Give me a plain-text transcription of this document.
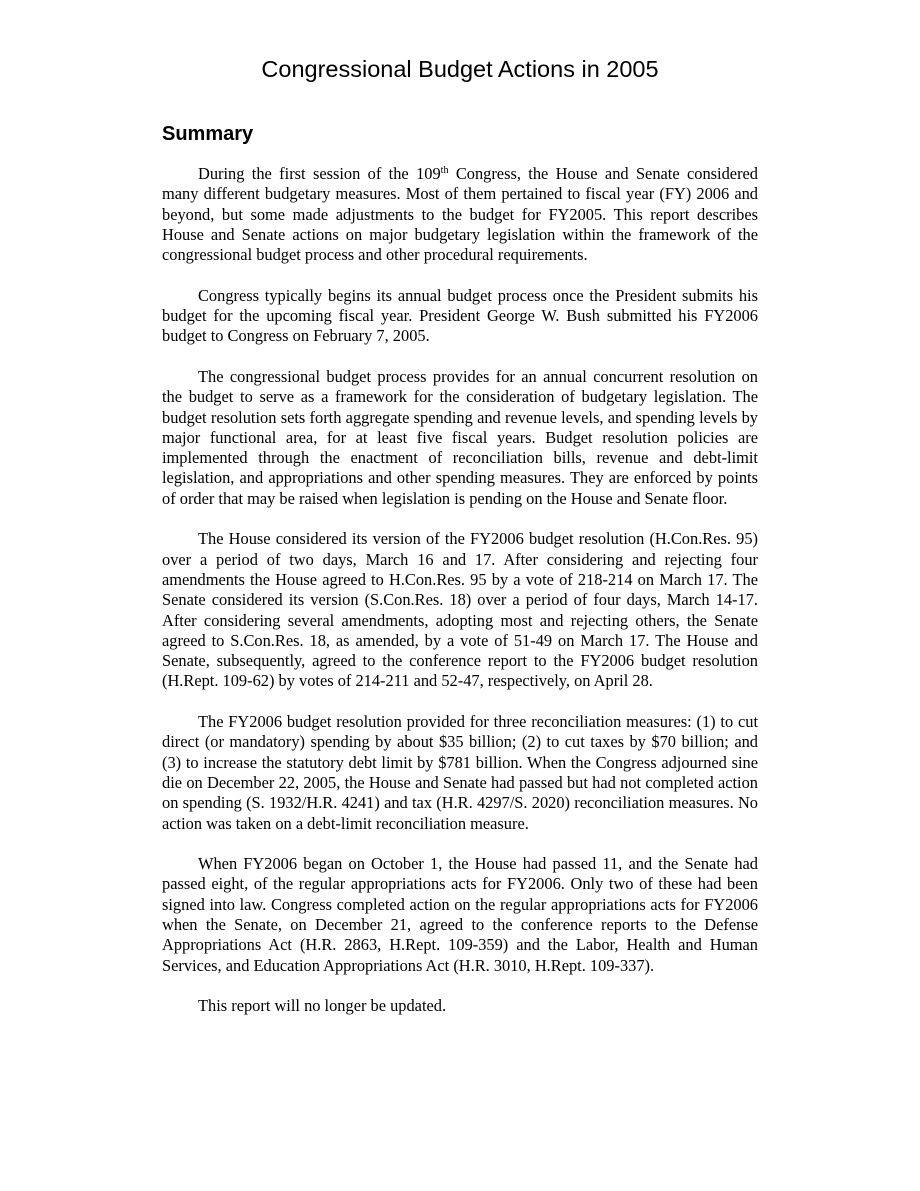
Congressional Budget Actions in 2005
Summary

During the first session of the 109th Congress, the House and Senate considered many different budgetary measures. Most of them pertained to fiscal year (FY) 2006 and beyond, but some made adjustments to the budget for FY2005. This report describes House and Senate actions on major budgetary legislation within the framework of the congressional budget process and other procedural requirements.

Congress typically begins its annual budget process once the President submits his budget for the upcoming fiscal year. President George W. Bush submitted his FY2006 budget to Congress on February 7, 2005.

The congressional budget process provides for an annual concurrent resolution on the budget to serve as a framework for the consideration of budgetary legislation. The budget resolution sets forth aggregate spending and revenue levels, and spending levels by major functional area, for at least five fiscal years. Budget resolution policies are implemented through the enactment of reconciliation bills, revenue and debt-limit legislation, and appropriations and other spending measures. They are enforced by points of order that may be raised when legislation is pending on the House and Senate floor.

The House considered its version of the FY2006 budget resolution (H.Con.Res. 95) over a period of two days, March 16 and 17. After considering and rejecting four amendments the House agreed to H.Con.Res. 95 by a vote of 218-214 on March 17. The Senate considered its version (S.Con.Res. 18) over a period of four days, March 14-17. After considering several amendments, adopting most and rejecting others, the Senate agreed to S.Con.Res. 18, as amended, by a vote of 51-49 on March 17. The House and Senate, subsequently, agreed to the conference report to the FY2006 budget resolution (H.Rept. 109-62) by votes of 214-211 and 52-47, respectively, on April 28.

The FY2006 budget resolution provided for three reconciliation measures: (1) to cut direct (or mandatory) spending by about $35 billion; (2) to cut taxes by $70 billion; and (3) to increase the statutory debt limit by $781 billion. When the Congress adjourned sine die on December 22, 2005, the House and Senate had passed but had not completed action on spending (S. 1932/H.R. 4241) and tax (H.R. 4297/S. 2020) reconciliation measures. No action was taken on a debt-limit reconciliation measure.

When FY2006 began on October 1, the House had passed 11, and the Senate had passed eight, of the regular appropriations acts for FY2006. Only two of these had been signed into law. Congress completed action on the regular appropriations acts for FY2006 when the Senate, on December 21, agreed to the conference reports to the Defense Appropriations Act (H.R. 2863, H.Rept. 109-359) and the Labor, Health and Human Services, and Education Appropriations Act (H.R. 3010, H.Rept. 109-337).

This report will no longer be updated.
